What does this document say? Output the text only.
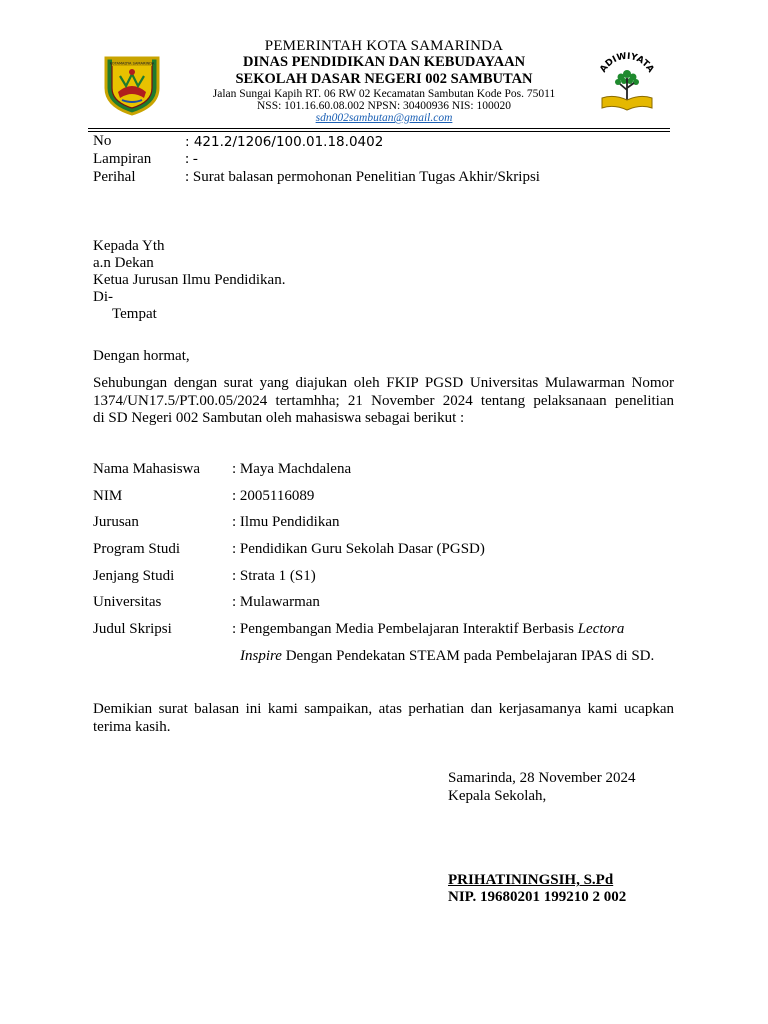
KOTAMADYA SAMARINDA	ADIWIYATA
PEMERINTAH KOTA SAMARINDA
DINAS PENDIDIKAN DAN KEBUDAYAAN
SEKOLAH DASAR NEGERI 002 SAMBUTAN
Jalan Sungai Kapih RT. 06 RW 02 Kecamatan Sambutan Kode Pos. 75011
NSS: 101.16.60.08.002 NPSN: 30400936 NIS: 100020
sdn002sambutan@gmail.com
No	: 421.2/1206/100.01.18.0402
Lampiran : -
Perihal	: Surat balasan permohonan Penelitian Tugas Akhir/Skripsi
Kepada Yth
a.n Dekan
Ketua Jurusan Ilmu Pendidikan.
Di-
Tempat
Dengan hormat,
Sehubungan dengan surat yang diajukan oleh FKIP PGSD Universitas Mulawarman Nomor
1374/UN17.5/PT.00.05/2024 tertamhha; 21 November 2024 tentang pelaksanaan penelitian
di SD Negeri 002 Sambutan oleh mahasiswa sebagai berikut :
Nama Mahasiswa : Maya Machdalena
NIM	: 2005116089
Jurusan	: Ilmu Pendidikan
Program Studi	: Pendidikan Guru Sekolah Dasar (PGSD)
Jenjang Studi	: Strata 1 (S1)
Universitas	: Mulawarman
Judul Skripsi	: Pengembangan Media Pembelajaran Interaktif Berbasis Lectora
Inspire Dengan Pendekatan STEAM pada Pembelajaran IPAS di SD.
Demikian surat balasan ini kami sampaikan, atas perhatian dan kerjasamanya kami ucapkan
terima kasih.
Samarinda, 28 November 2024
Kepala Sekolah,
PRIHATININGSIH, S.Pd
NIP. 19680201 199210 2 002
